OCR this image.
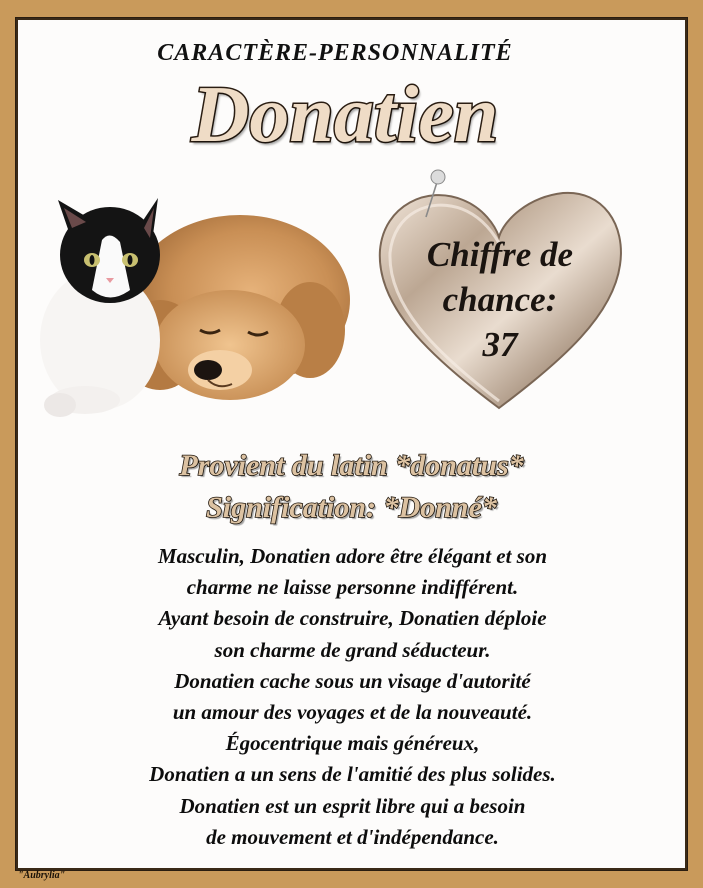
CARACTÈRE-PERSONNALITÉ
Donatien
Chiffre de
chance:
37
Provient du latin *donatus*
Signification: *Donné*
Masculin, Donatien adore être élégant et son
charme ne laisse personne indifférent.
Ayant besoin de construire, Donatien déploie
son charme de grand séducteur.
Donatien cache sous un visage d'autorité
un amour des voyages et de la nouveauté.
Égocentrique mais généreux,
Donatien a un sens de l'amitié des plus solides.
Donatien est un esprit libre qui a besoin
de mouvement et d'indépendance.
"Aubrylia"
